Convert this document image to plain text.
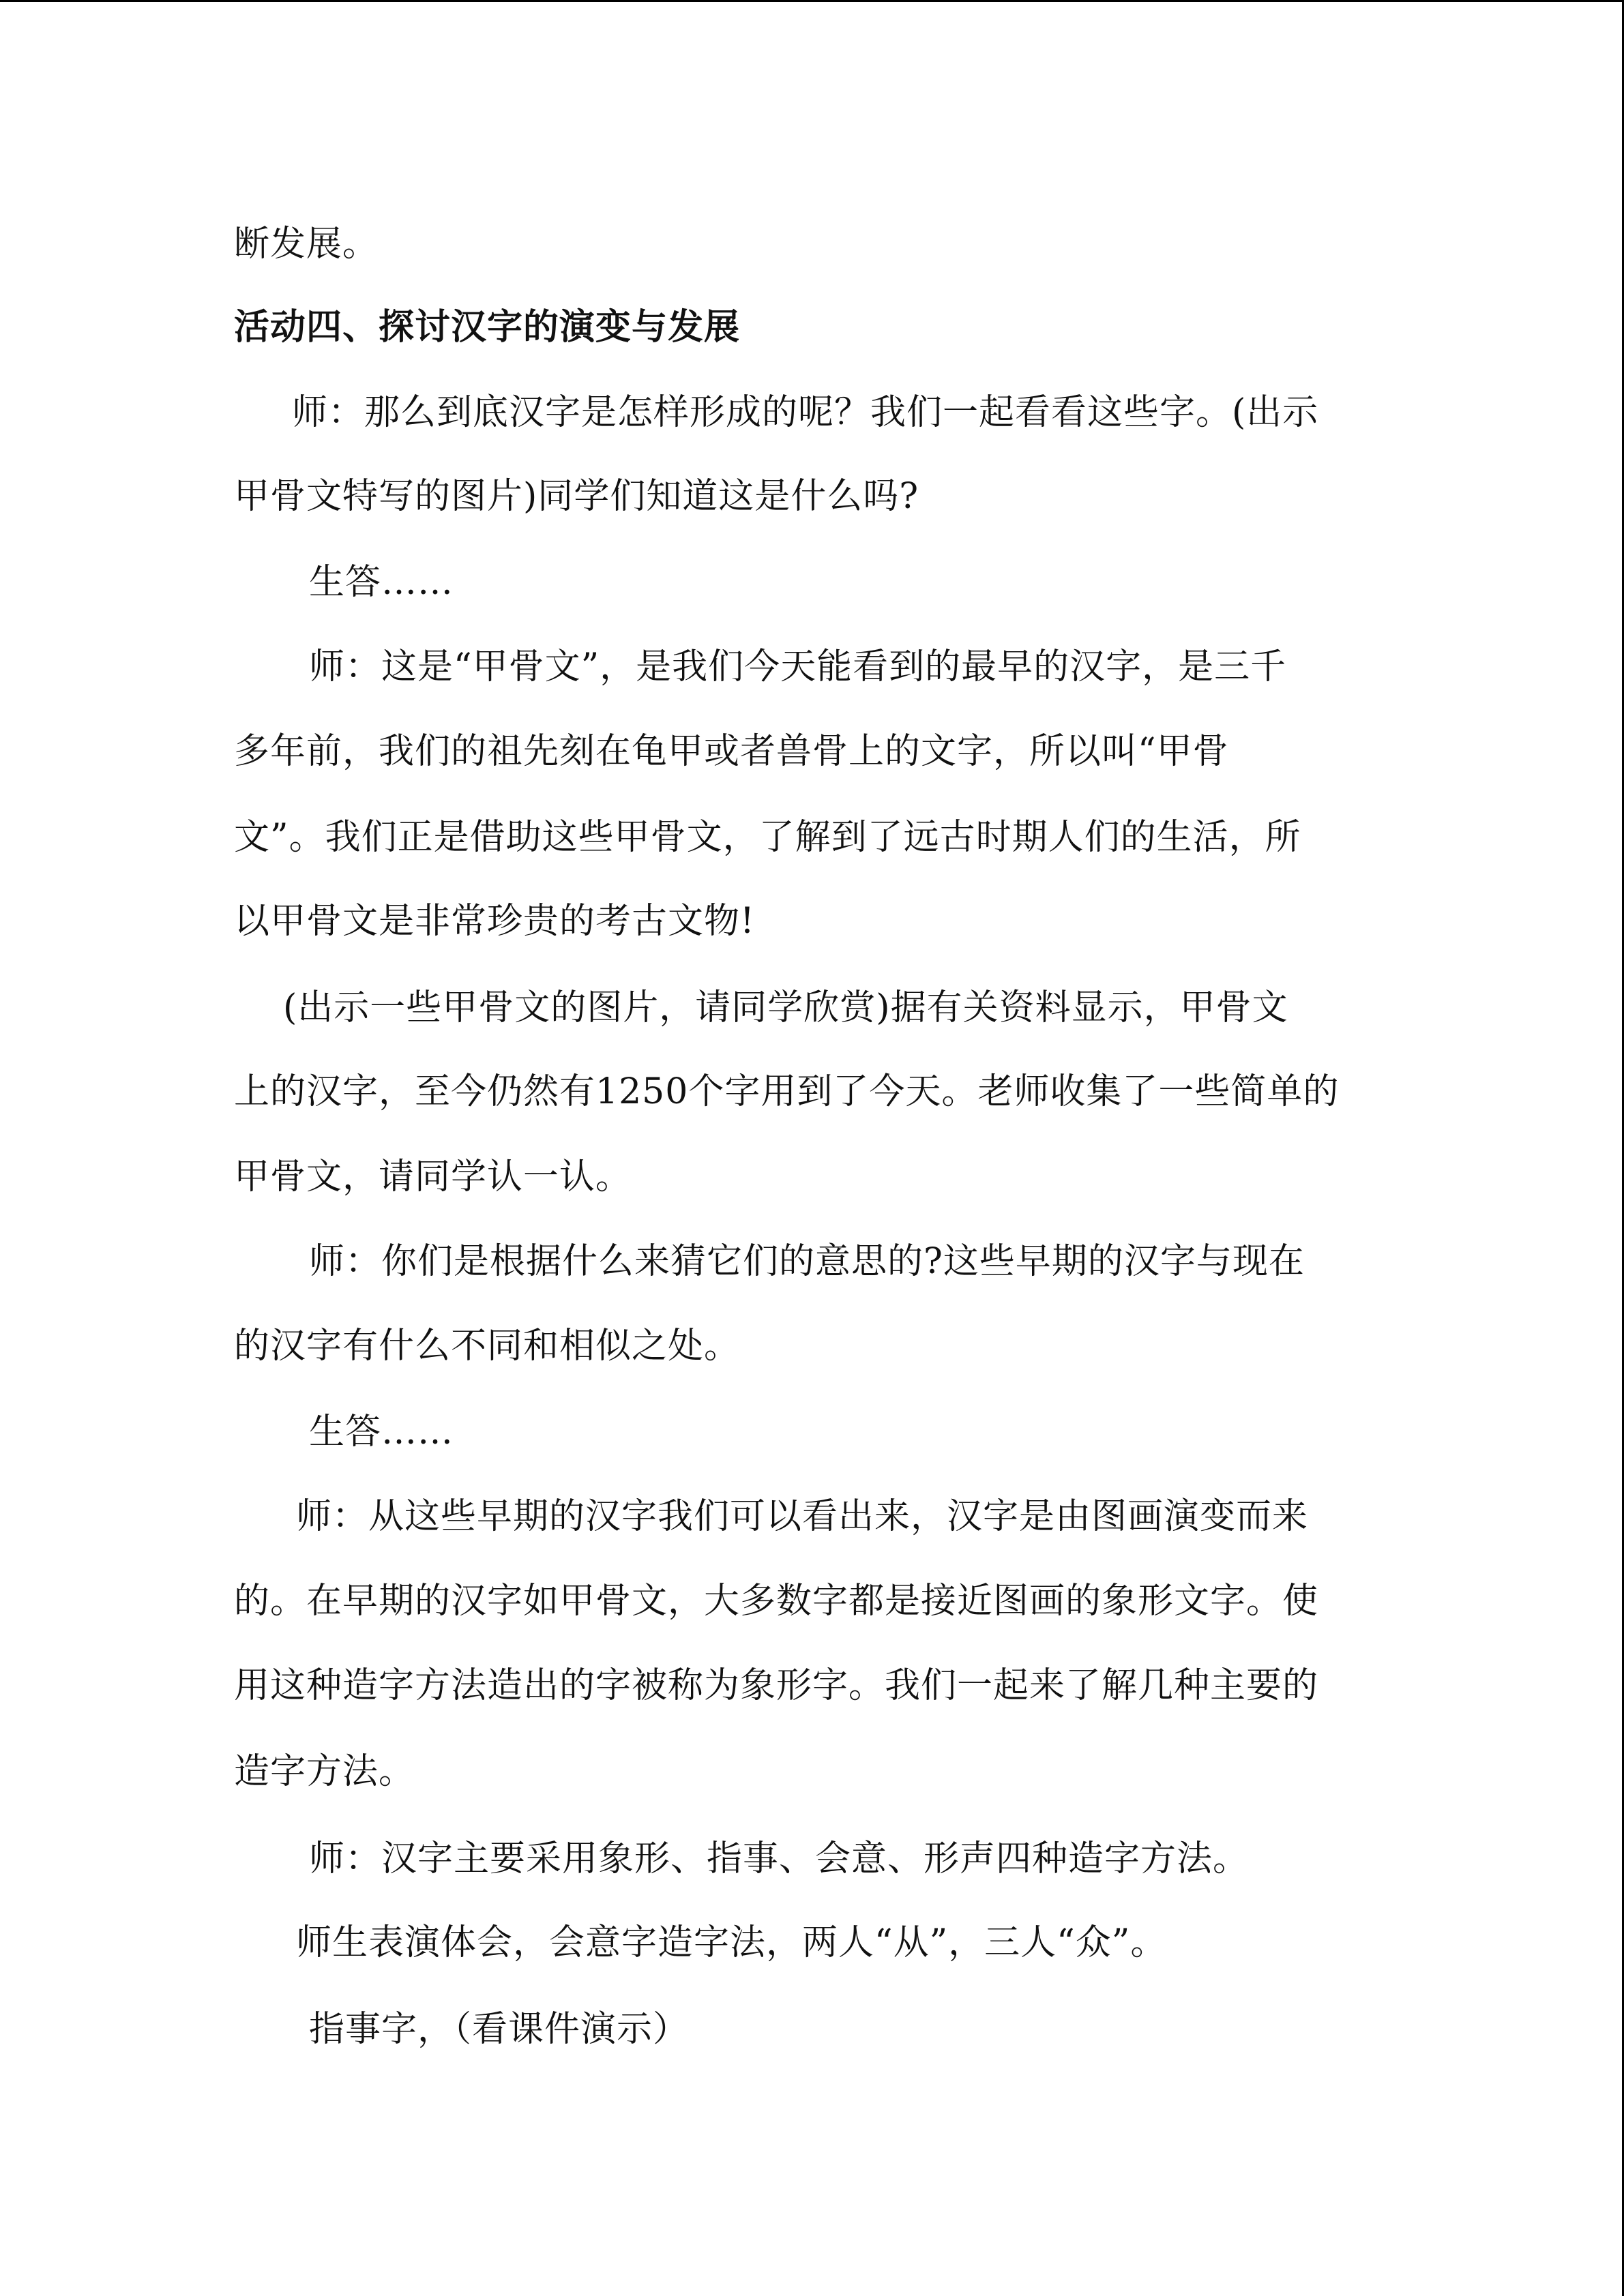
断发展。
活动四、探讨汉字的演变与发展
师：那么到底汉字是怎样形成的呢？我们一起看看这些字。(出示
甲骨文特写的图片)同学们知道这是什么吗?
生答……
师：这是“甲骨文”，是我们今天能看到的最早的汉字，是三千
多年前，我们的祖先刻在龟甲或者兽骨上的文字，所以叫“甲骨
文”。我们正是借助这些甲骨文，了解到了远古时期人们的生活，所
以甲骨文是非常珍贵的考古文物!
(出示一些甲骨文的图片，请同学欣赏)据有关资料显示，甲骨文
上的汉字，至今仍然有1250个字用到了今天。老师收集了一些简单的
甲骨文，请同学认一认。
师：你们是根据什么来猜它们的意思的?这些早期的汉字与现在
的汉字有什么不同和相似之处。
生答……
师：从这些早期的汉字我们可以看出来，汉字是由图画演变而来
的。在早期的汉字如甲骨文，大多数字都是接近图画的象形文字。使
用这种造字方法造出的字被称为象形字。我们一起来了解几种主要的
造字方法。
师：汉字主要采用象形、指事、会意、形声四种造字方法。
师生表演体会，会意字造字法，两人“从”，三人“众”。
指事字，（看课件演示）
